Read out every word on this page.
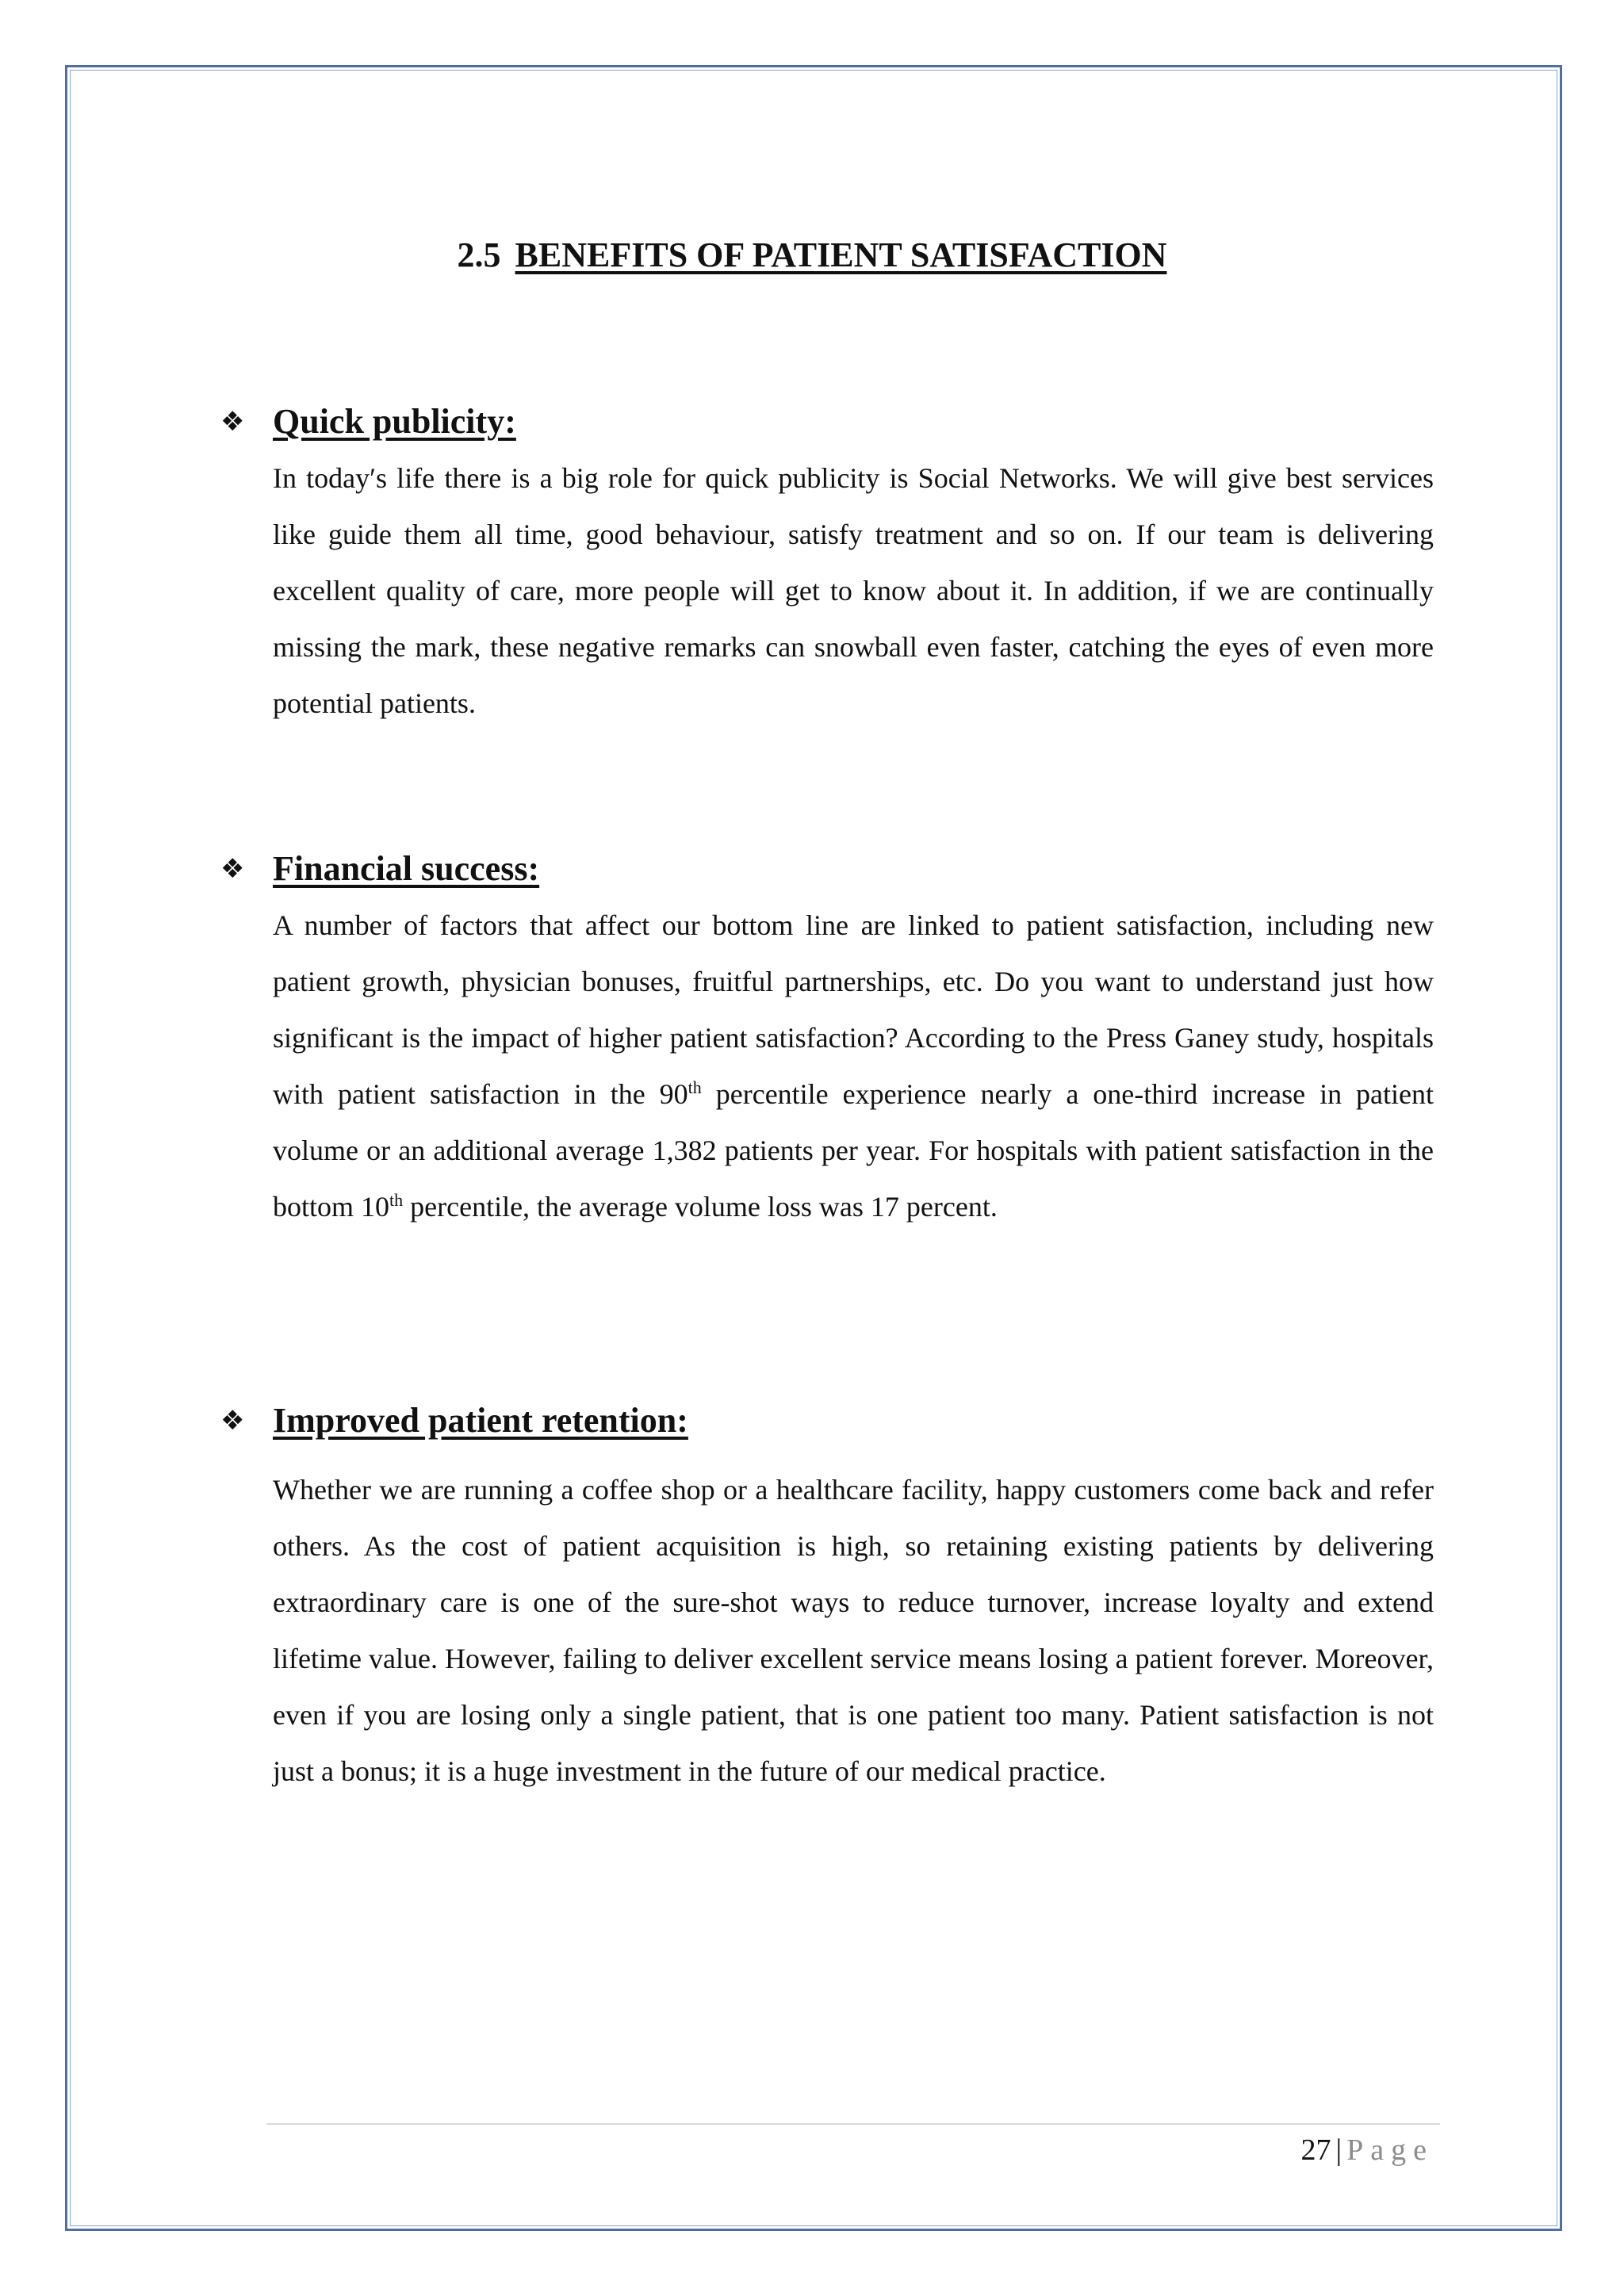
2.5 BENEFITS OF PATIENT SATISFACTION
❖ Quick publicity:
In today′s life there is a big role for quick publicity is Social Networks. We will give best services like guide them all time, good behaviour, satisfy treatment and so on. If our team is delivering excellent quality of care, more people will get to know about it. In addition, if we are continually missing the mark, these negative remarks can snowball even faster, catching the eyes of even more potential patients.
❖ Financial success:
A number of factors that affect our bottom line are linked to patient satisfaction, including new patient growth, physician bonuses, fruitful partnerships, etc. Do you want to understand just how significant is the impact of higher patient satisfaction? According to the Press Ganey study, hospitals with patient satisfaction in the 90th percentile experience nearly a one-third increase in patient volume or an additional average 1,382 patients per year. For hospitals with patient satisfaction in the bottom 10th percentile, the average volume loss was 17 percent.
❖ Improved patient retention:
Whether we are running a coffee shop or a healthcare facility, happy customers come back and refer others. As the cost of patient acquisition is high, so retaining existing patients by delivering extraordinary care is one of the sure-shot ways to reduce turnover, increase loyalty and extend lifetime value. However, failing to deliver excellent service means losing a patient forever. Moreover, even if you are losing only a single patient, that is one patient too many. Patient satisfaction is not just a bonus; it is a huge investment in the future of our medical practice.
27 | Page
